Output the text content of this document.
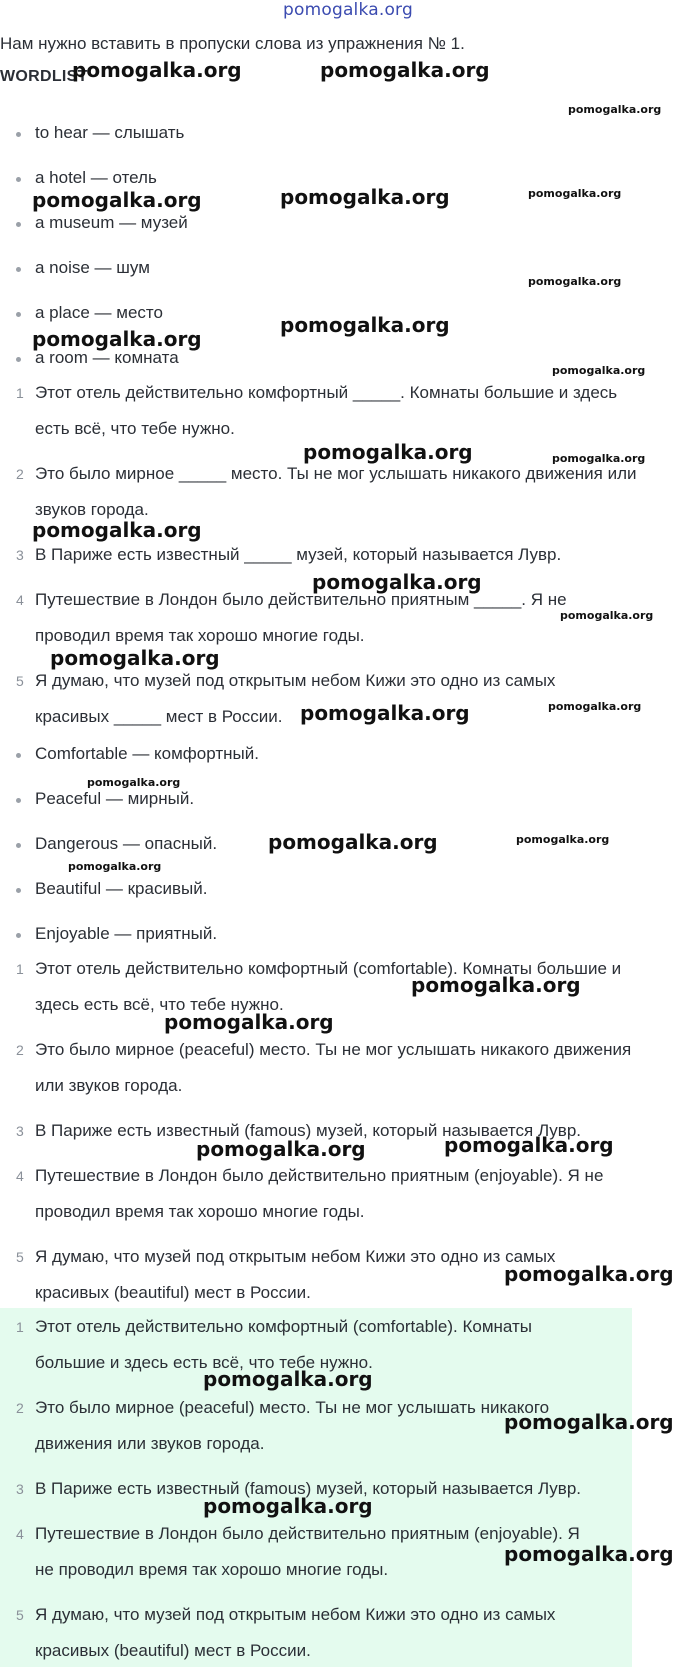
pomogalka.org
Нам нужно вставить в пропуски слова из упражнения № 1.
WORDLIST
to hear — слышать
a hotel — отель
a museum — музей
a noise — шум
a place — место
a room — комната
1 Этот отель действительно комфортный _____. Комнаты большие и здесь
есть всё, что тебе нужно.
2 Это было мирное _____ место. Ты не мог услышать никакого движения или
звуков города.
3 В Париже есть известный _____ музей, который называется Лувр.
4 Путешествие в Лондон было действительно приятным _____. Я не
проводил время так хорошо многие годы.
5 Я думаю, что музей под открытым небом Кижи это одно из самых
красивых _____ мест в России.
Comfortable — комфортный.
Peaceful — мирный.
Dangerous — опасный.
Beautiful — красивый.
Enjoyable — приятный.
1 Этот отель действительно комфортный (comfortable). Комнаты большие и
здесь есть всё, что тебе нужно.
2 Это было мирное (peaceful) место. Ты не мог услышать никакого движения
или звуков города.
3 В Париже есть известный (famous) музей, который называется Лувр.
4 Путешествие в Лондон было действительно приятным (enjoyable). Я не
проводил время так хорошо многие годы.
5 Я думаю, что музей под открытым небом Кижи это одно из самых
красивых (beautiful) мест в России.
1 Этот отель действительно комфортный (comfortable). Комнаты
большие и здесь есть всё, что тебе нужно.
2 Это было мирное (peaceful) место. Ты не мог услышать никакого
движения или звуков города.
3 В Париже есть известный (famous) музей, который называется Лувр.
4 Путешествие в Лондон было действительно приятным (enjoyable). Я
не проводил время так хорошо многие годы.
5 Я думаю, что музей под открытым небом Кижи это одно из самых
красивых (beautiful) мест в России.
pomogalka.org	pomogalka.org
pomogalka.org
pomogalka.org	pomogalka.org	pomogalka.org
pomogalka.org
pomogalka.org
pomogalka.org
pomogalka.org
pomogalka.org	pomogalka.org
pomogalka.org
pomogalka.org
pomogalka.org
pomogalka.org
pomogalka.org	pomogalka.org
pomogalka.org
pomogalka.org	pomogalka.org
pomogalka.org
pomogalka.org
pomogalka.org
pomogalka.org	pomogalka.org
pomogalka.org
pomogalka.org
pomogalka.org
pomogalka.org
pomogalka.org
